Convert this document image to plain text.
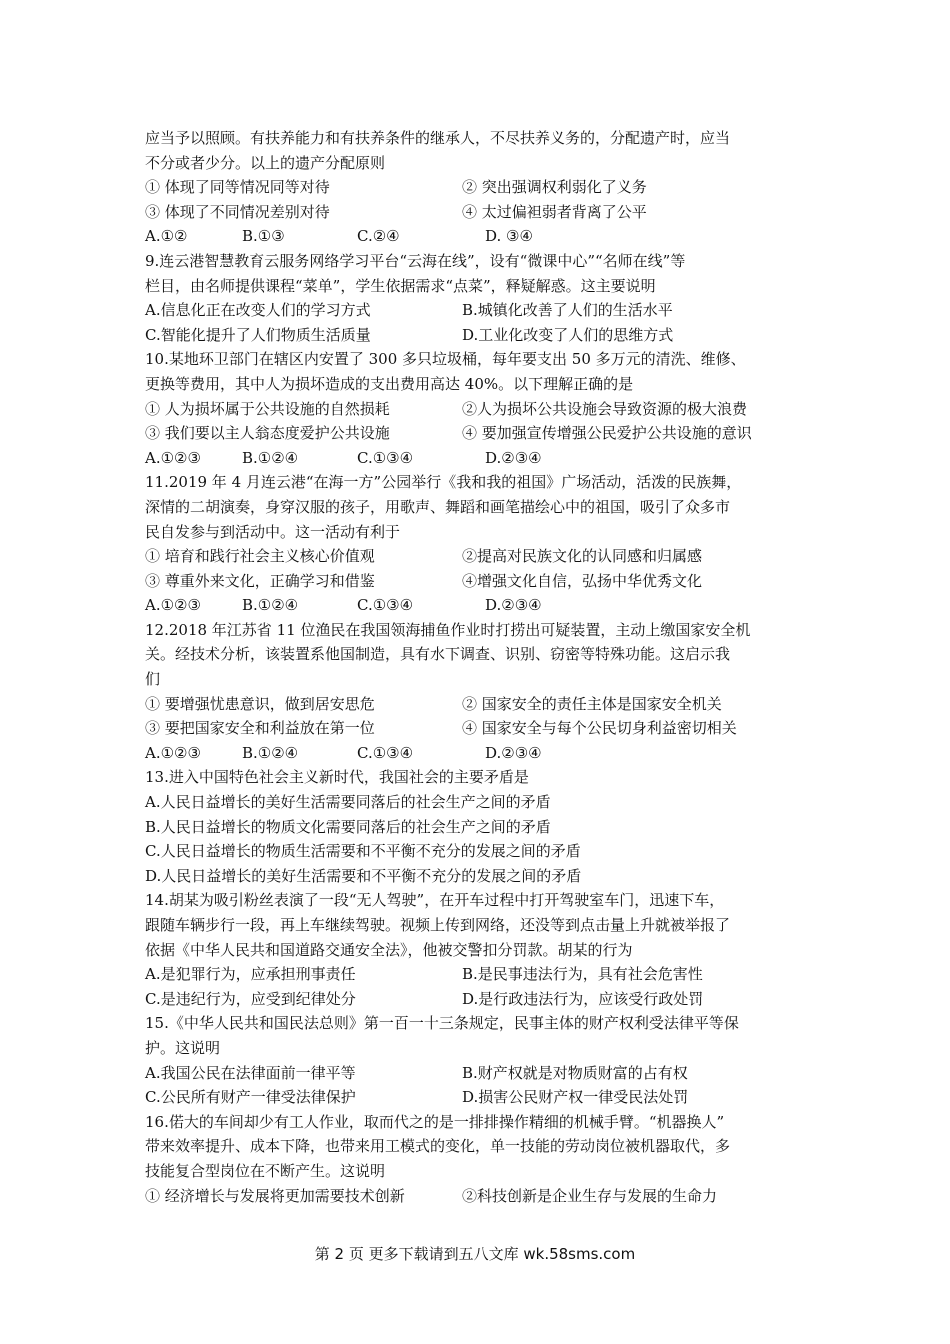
应当予以照顾。有扶养能力和有扶养条件的继承人，不尽扶养义务的，分配遗产时，应当
不分或者少分。以上的遗产分配原则
① 体现了同等情况同等对待	② 突出强调权利弱化了义务
③ 体现了不同情况差别对待	④ 太过偏袒弱者背离了公平
A.①②	B.①③	C.②④	D. ③④
9.连云港智慧教育云服务网络学习平台“云海在线”，设有“微课中心”“名师在线”等
栏目，由名师提供课程“菜单”，学生依据需求“点菜”，释疑解惑。这主要说明
A.信息化正在改变人们的学习方式	B.城镇化改善了人们的生活水平
C.智能化提升了人们物质生活质量	D.工业化改变了人们的思维方式
10.某地环卫部门在辖区内安置了 300 多只垃圾桶，每年要支出 50 多万元的清洗、维修、
更换等费用，其中人为损坏造成的支出费用高达 40%。以下理解正确的是
① 人为损坏属于公共设施的自然损耗	②人为损坏公共设施会导致资源的极大浪费
③ 我们要以主人翁态度爱护公共设施	④ 要加强宣传增强公民爱护公共设施的意识
A.①②③	B.①②④	C.①③④	D.②③④
11.2019 年 4 月连云港“在海一方”公园举行《我和我的祖国》广场活动，活泼的民族舞，
深情的二胡演奏，身穿汉服的孩子，用歌声、舞蹈和画笔描绘心中的祖国，吸引了众多市
民自发参与到活动中。这一活动有利于
① 培育和践行社会主义核心价值观	②提高对民族文化的认同感和归属感
③ 尊重外来文化，正确学习和借鉴	④增强文化自信，弘扬中华优秀文化
A.①②③	B.①②④	C.①③④	D.②③④
12.2018 年江苏省 11 位渔民在我国领海捕鱼作业时打捞出可疑装置，主动上缴国家安全机
关。经技术分析，该装置系他国制造，具有水下调查、识别、窃密等特殊功能。这启示我
们
① 要增强忧患意识，做到居安思危	② 国家安全的责任主体是国家安全机关
③ 要把国家安全和利益放在第一位	④ 国家安全与每个公民切身利益密切相关
A.①②③	B.①②④	C.①③④	D.②③④
13.进入中国特色社会主义新时代，我国社会的主要矛盾是
A.人民日益增长的美好生活需要同落后的社会生产之间的矛盾
B.人民日益增长的物质文化需要同落后的社会生产之间的矛盾
C.人民日益增长的物质生活需要和不平衡不充分的发展之间的矛盾
D.人民日益增长的美好生活需要和不平衡不充分的发展之间的矛盾
14.胡某为吸引粉丝表演了一段“无人驾驶”，在开车过程中打开驾驶室车门，迅速下车，
跟随车辆步行一段，再上车继续驾驶。视频上传到网络，还没等到点击量上升就被举报了
依据《中华人民共和国道路交通安全法》，他被交警扣分罚款。胡某的行为
A.是犯罪行为，应承担刑事责任	B.是民事违法行为，具有社会危害性
C.是违纪行为，应受到纪律处分	D.是行政违法行为，应该受行政处罚
15.《中华人民共和国民法总则》第一百一十三条规定，民事主体的财产权利受法律平等保
护。这说明
A.我国公民在法律面前一律平等	B.财产权就是对物质财富的占有权
C.公民所有财产一律受法律保护	D.损害公民财产权一律受民法处罚
16.偌大的车间却少有工人作业，取而代之的是一排排操作精细的机械手臂。“机器换人”
带来效率提升、成本下降，也带来用工模式的变化，单一技能的劳动岗位被机器取代，多
技能复合型岗位在不断产生。这说明
① 经济增长与发展将更加需要技术创新	②科技创新是企业生存与发展的生命力
第 2 页 更多下载请到五八文库 wk.58sms.com
